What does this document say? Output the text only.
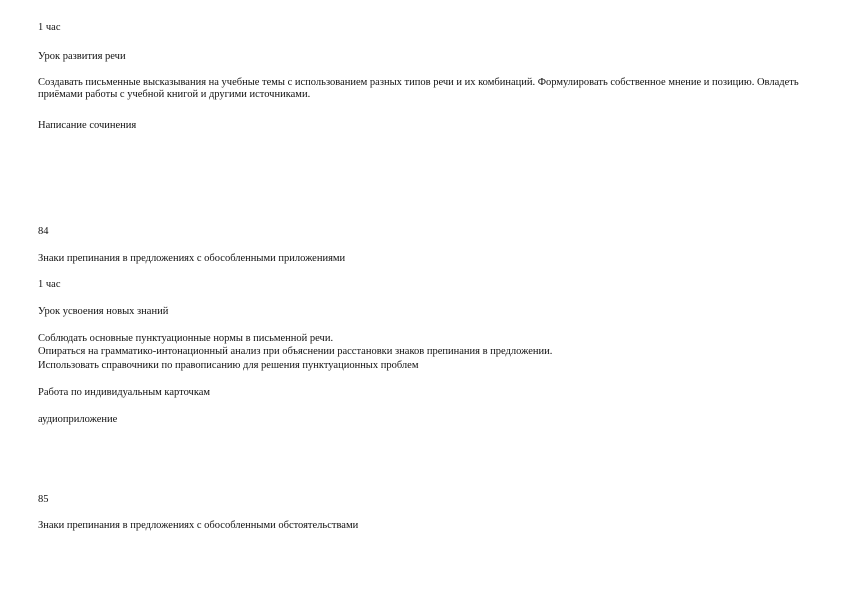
1 час
Урок развития речи
Создавать письменные высказывания на учебные темы с использованием разных типов речи и их комбинаций. Формулировать собственное мнение и позицию. Овладеть приёмами работы с учебной книгой и другими источниками.
Написание сочинения
84
Знаки препинания в предложениях с обособленными приложениями
1 час
Урок усвоения новых знаний
Соблюдать основные пунктуационные нормы в письменной речи.
Опираться на грамматико-интонационный анализ при объяснении расстановки знаков препинания в предложении.
Использовать справочники по правописанию для решения пунктуационных проблем
Работа по индивидуальным карточкам
аудиоприложение
85
Знаки препинания в предложениях с обособленными обстоятельствами
